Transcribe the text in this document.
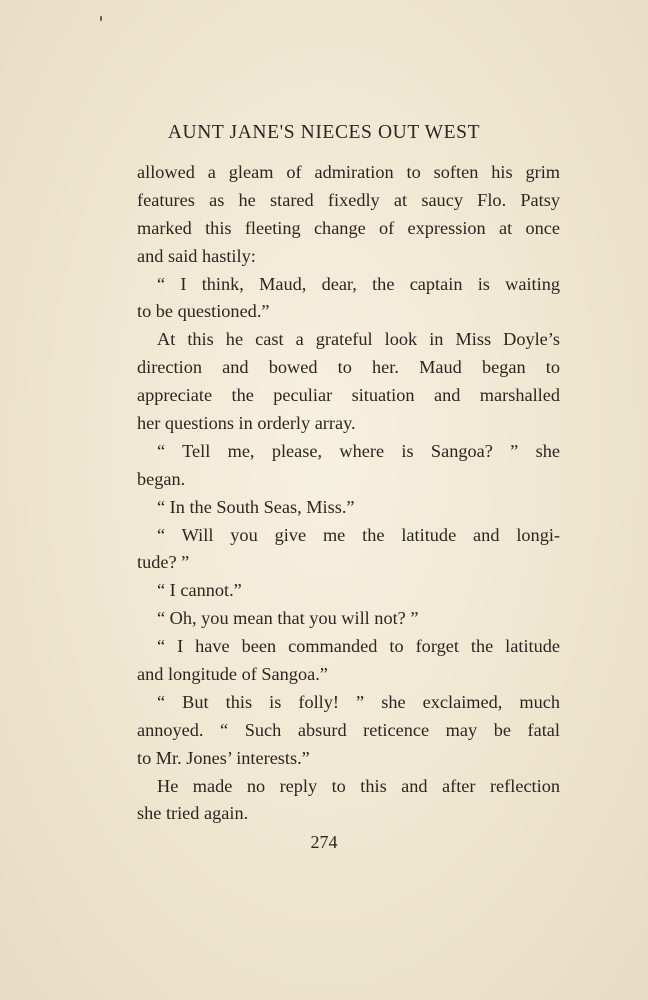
AUNT JANE'S NIECES OUT WEST
allowed a gleam of admiration to soften his grim
features as he stared fixedly at saucy Flo. Patsy
marked this fleeting change of expression at once
and said hastily:
“ I think, Maud, dear, the captain is waiting
to be questioned.”
At this he cast a grateful look in Miss Doyle’s
direction and bowed to her. Maud began to
appreciate the peculiar situation and marshalled
her questions in orderly array.
“ Tell me, please, where is Sangoa? ” she
began.
“ In the South Seas, Miss.”
“ Will you give me the latitude and longi-
tude? ”
“ I cannot.”
“ Oh, you mean that you will not? ”
“ I have been commanded to forget the latitude
and longitude of Sangoa.”
“ But this is folly! ” she exclaimed, much
annoyed. “ Such absurd reticence may be fatal
to Mr. Jones’ interests.”
He made no reply to this and after reflection
she tried again.
274
